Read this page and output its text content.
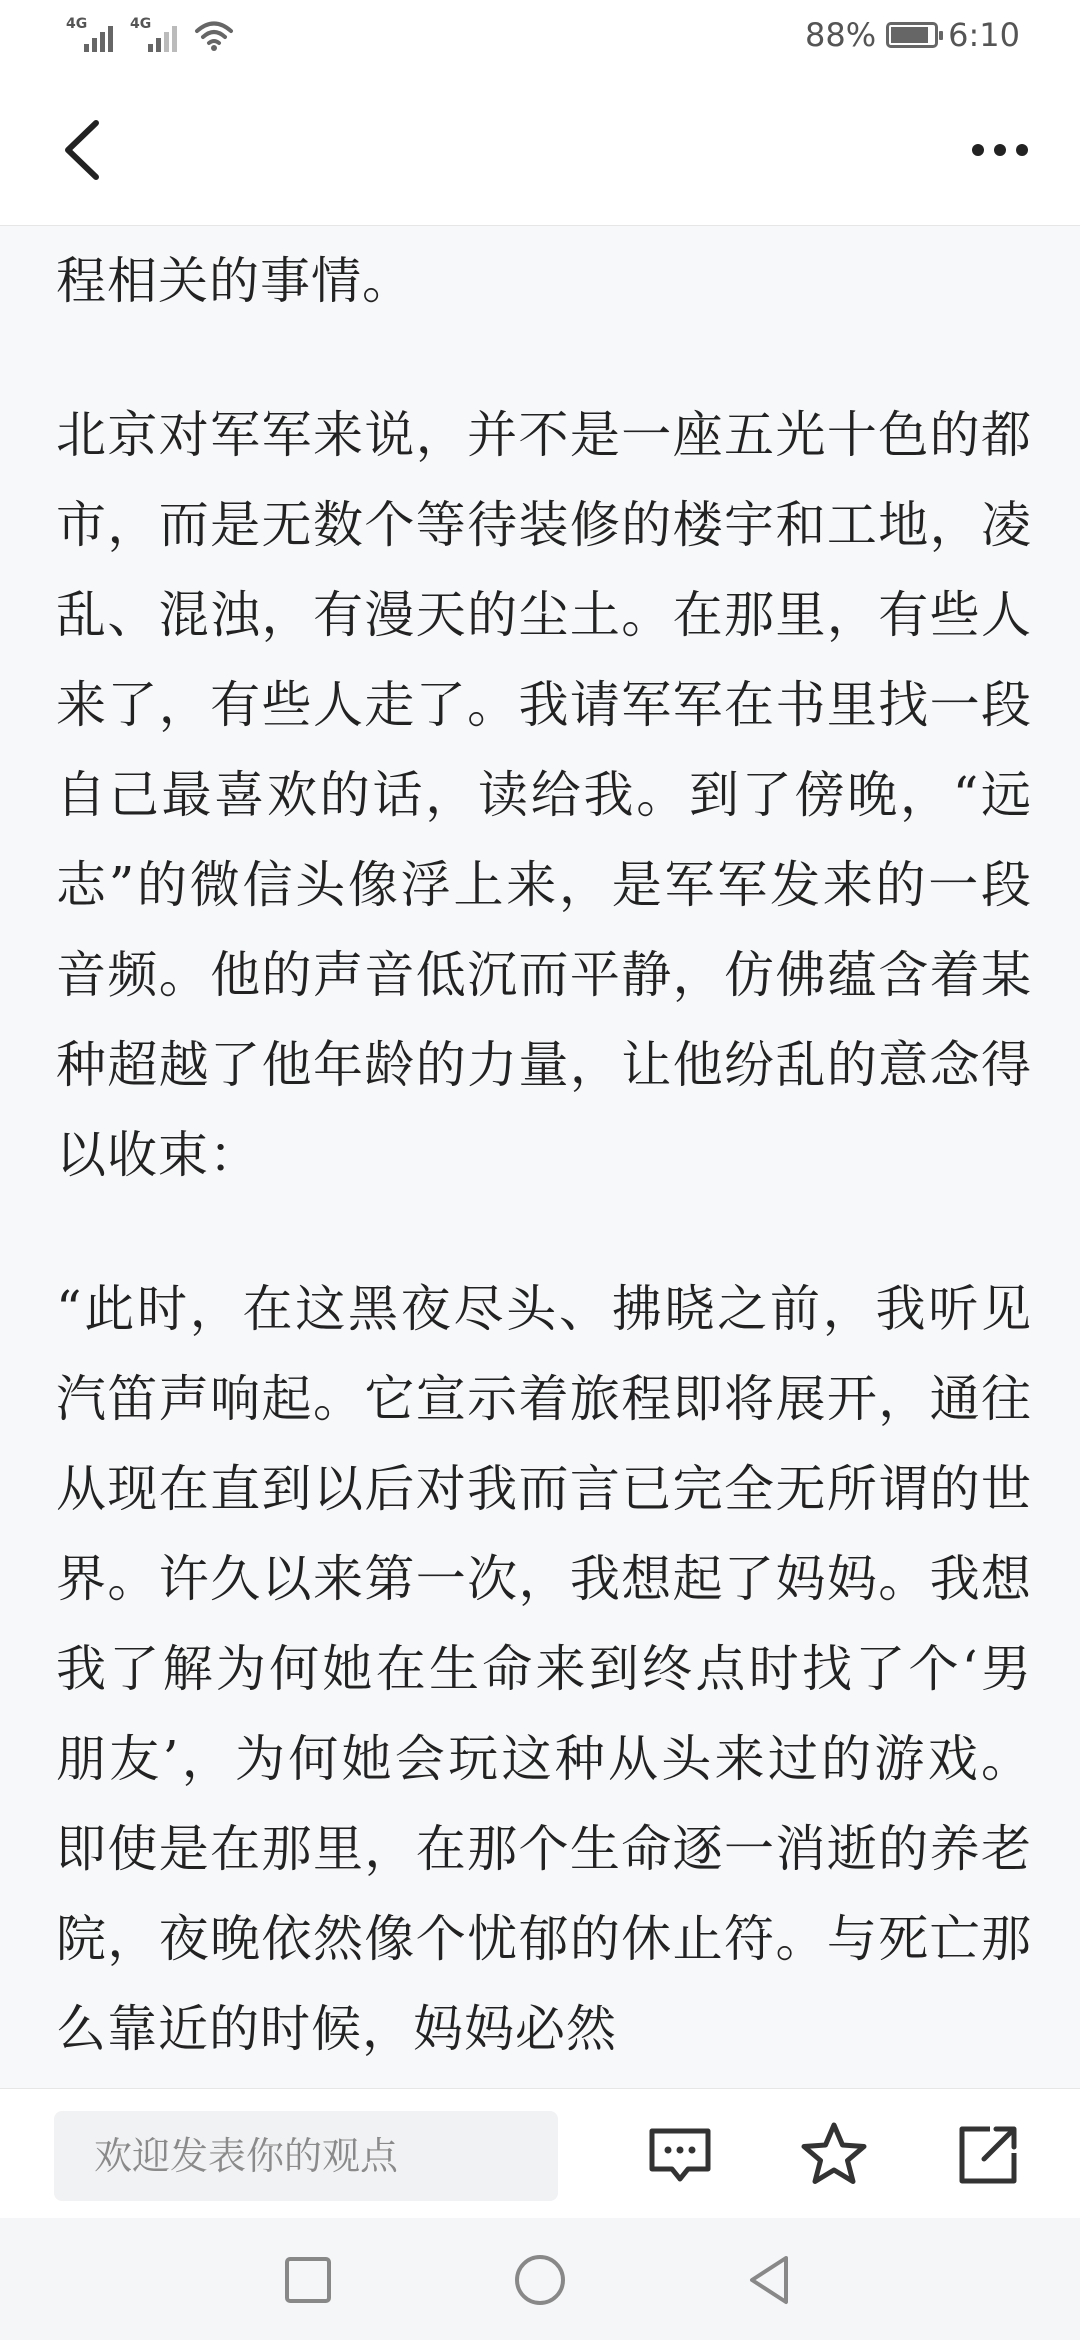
4G	4G	88% 6:10

程相关的事情。

北京对军军来说，并不是一座五光十色的都市，而是无数个等待装修的楼宇和工地，凌乱、混浊，有漫天的尘土。在那里，有些人来了，有些人走了。我请军军在书里找一段自己最喜欢的话，读给我。到了傍晚，“远志”的微信头像浮上来，是军军发来的一段音频。他的声音低沉而平静，仿佛蕴含着某种超越了他年龄的力量，让他纷乱的意念得以收束：

“此时，在这黑夜尽头、拂晓之前，我听见汽笛声响起。它宣示着旅程即将展开，通往从现在直到以后对我而言已完全无所谓的世界。许久以来第一次，我想起了妈妈。我想我了解为何她在生命来到终点时找了个‘男朋友’，为何她会玩这种从头来过的游戏。即使是在那里，在那个生命逐一消逝的养老院，夜晚依然像个忧郁的休止符。与死亡那么靠近的时候，妈妈必然

欢迎发表你的观点
